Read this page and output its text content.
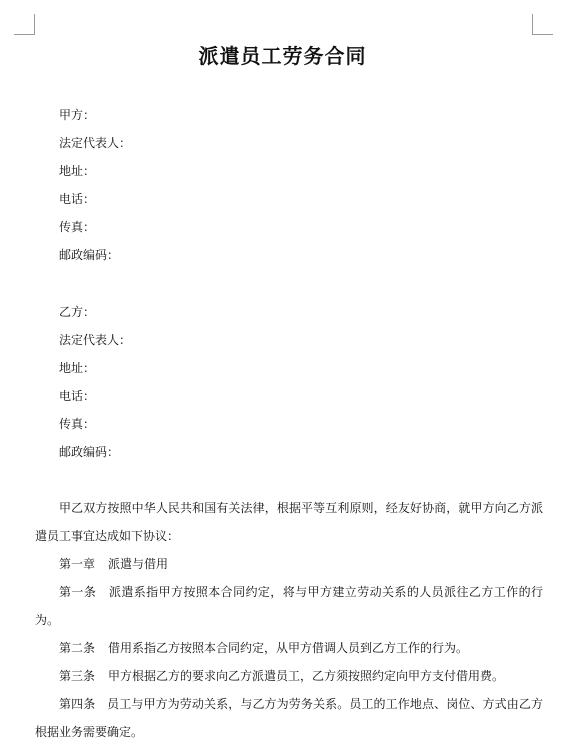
派遣员工劳务合同
甲方：
法定代表人：
地址：
电话：
传真：
邮政编码：
乙方：
法定代表人：
地址：
电话：
传真：
邮政编码：
甲乙双方按照中华人民共和国有关法律，根据平等互利原则，经友好协商，就甲方向乙方派遣员工事宜达成如下协议：
第一章 派遣与借用
第一条 派遣系指甲方按照本合同约定，将与甲方建立劳动关系的人员派往乙方工作的行为。
第二条 借用系指乙方按照本合同约定，从甲方借调人员到乙方工作的行为。
第三条 甲方根据乙方的要求向乙方派遣员工，乙方须按照约定向甲方支付借用费。
第四条 员工与甲方为劳动关系，与乙方为劳务关系。员工的工作地点、岗位、方式由乙方根据业务需要确定。
